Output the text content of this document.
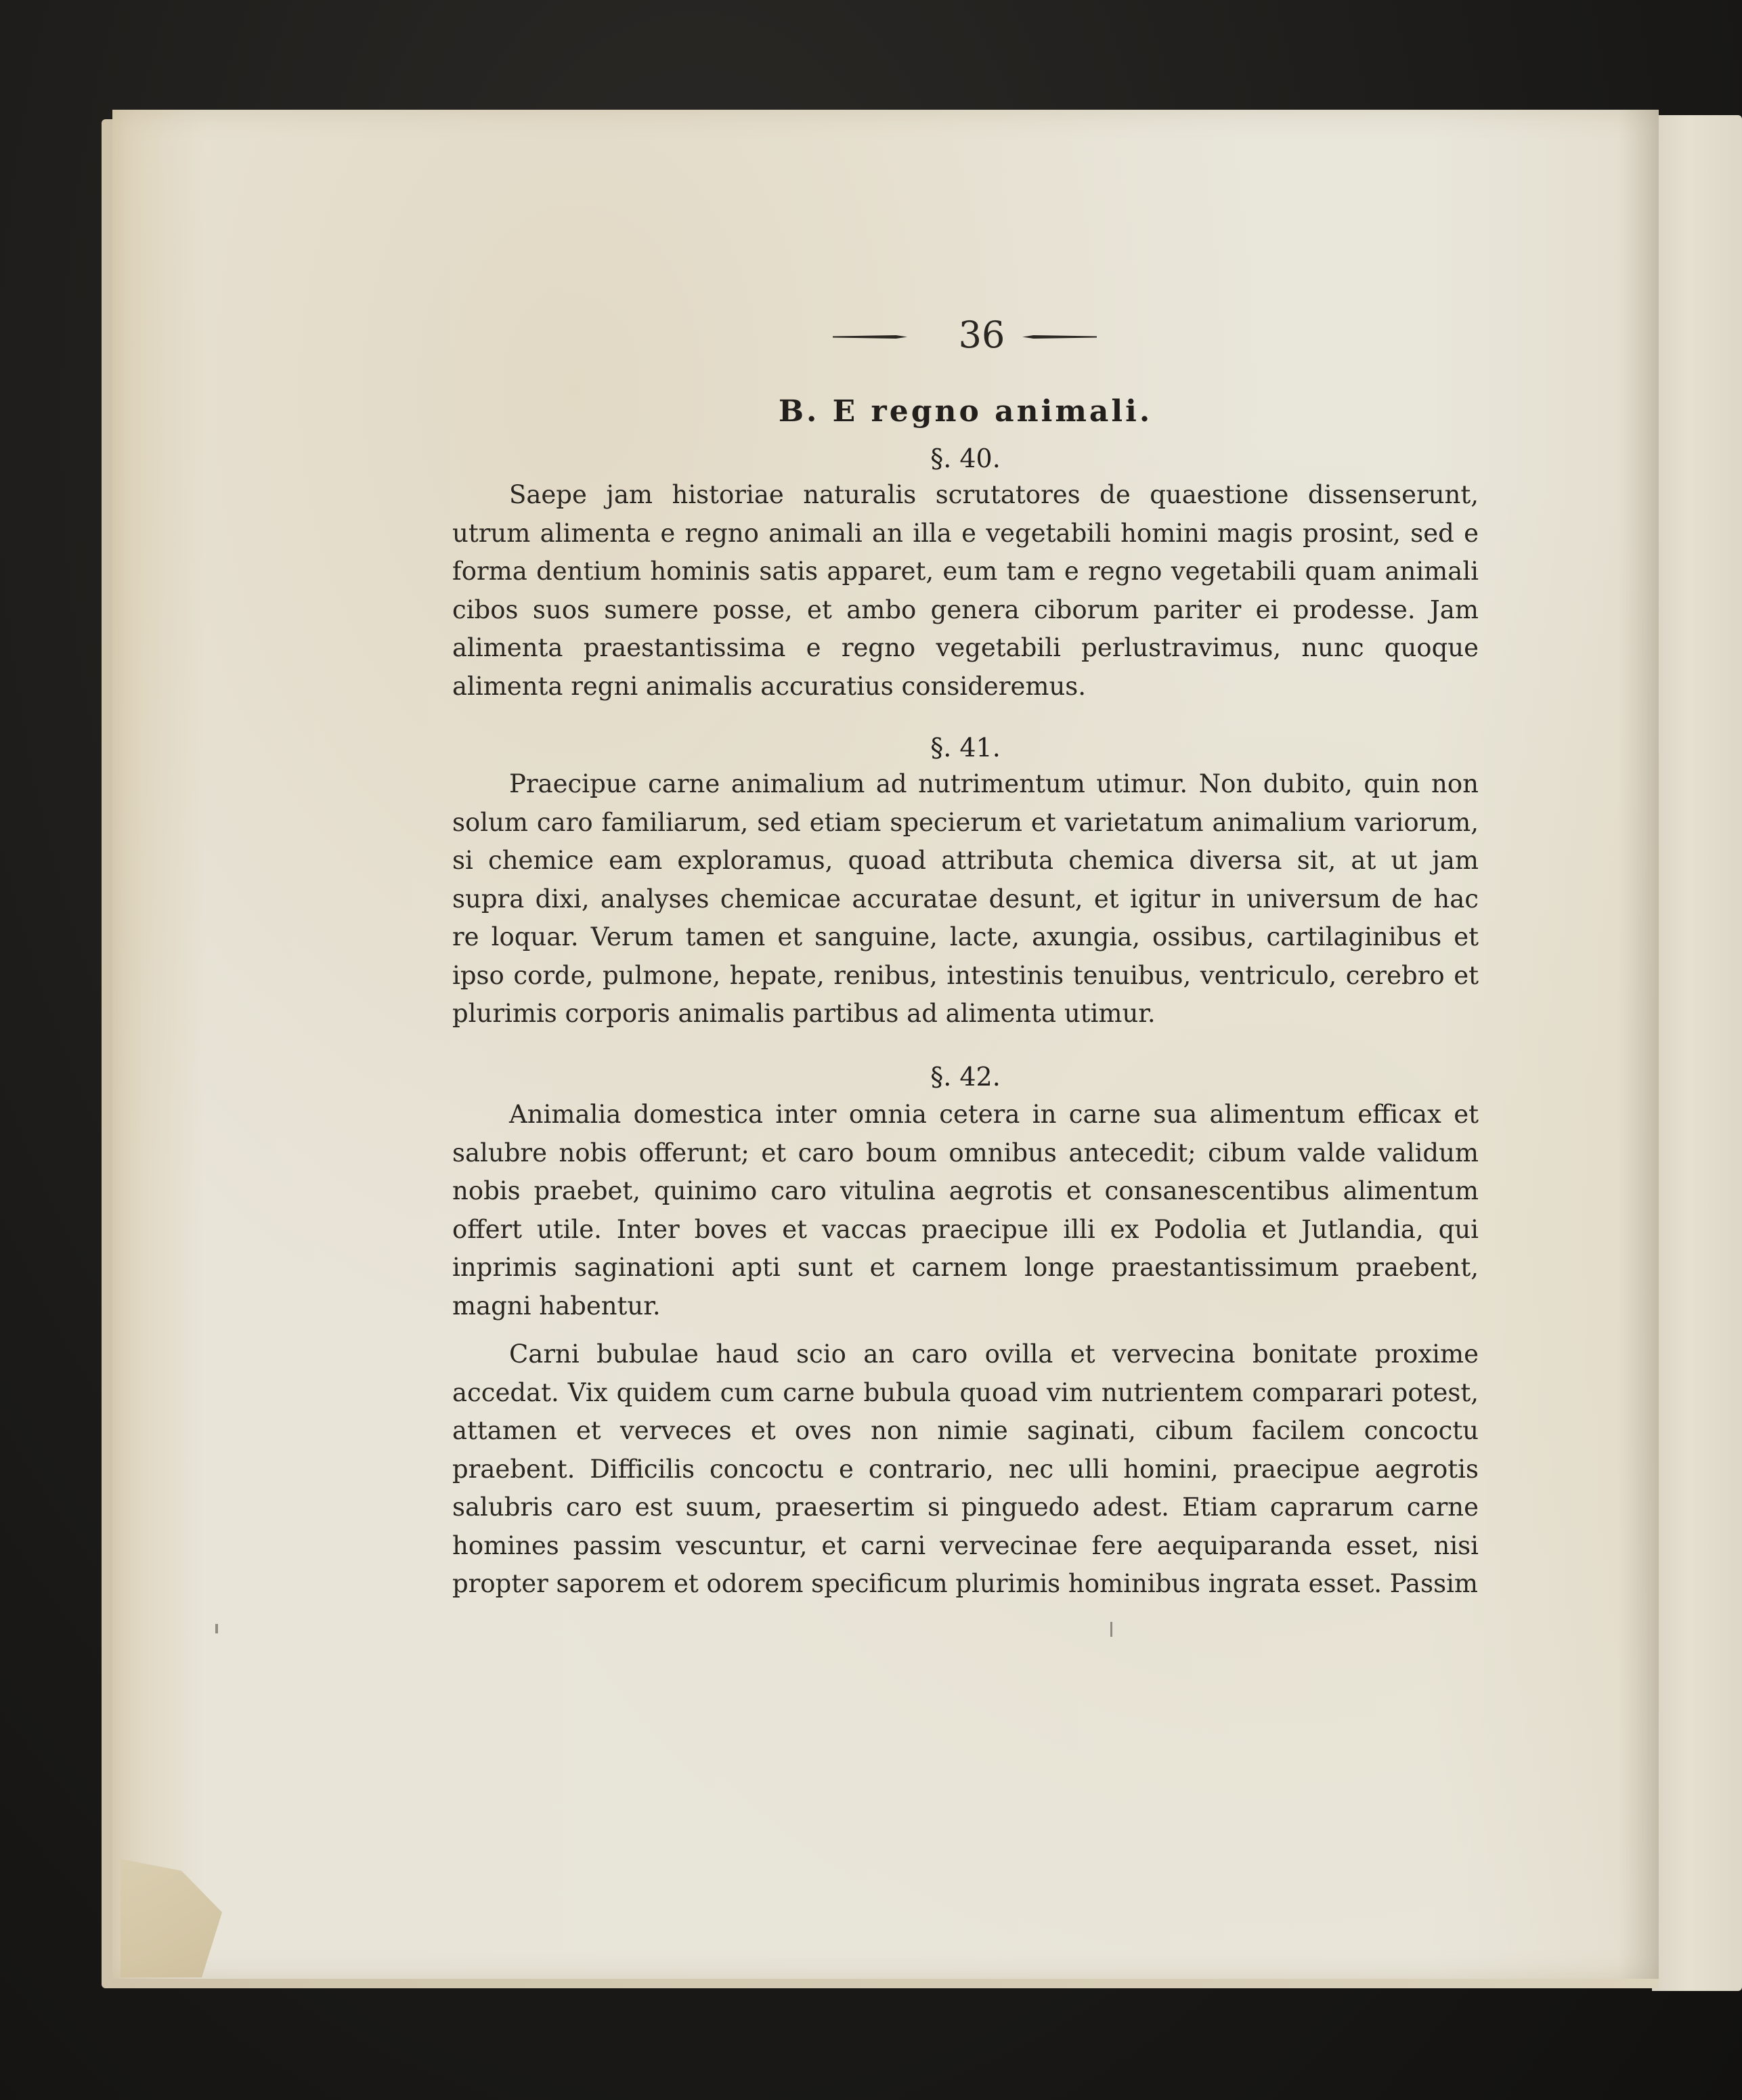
36
B. E regno animali.
§. 40.

Saepe jam historiae naturalis scrutatores de quaestione dissenserunt, utrum alimenta e regno animali an illa e vegetabili homini magis prosint, sed e forma dentium hominis satis apparet, eum tam e regno vegetabili quam animali cibos suos sumere posse, et ambo genera ciborum pariter ei prodesse. Jam alimenta praestantissima e regno vegetabili perlustravimus, nunc quoque alimenta regni animalis accuratius consideremus.

§. 41.

Praecipue carne animalium ad nutrimentum utimur. Non dubito, quin non solum caro familiarum, sed etiam specierum et varietatum animalium variorum, si chemice eam exploramus, quoad attributa chemica diversa sit, at ut jam supra dixi, analyses chemicae accuratae desunt, et igitur in universum de hac re loquar. Verum tamen et sanguine, lacte, axungia, ossibus, cartilaginibus et ipso corde, pulmone, hepate, renibus, intestinis tenuibus, ventriculo, cerebro et plurimis corporis animalis partibus ad alimenta utimur.

§. 42.

Animalia domestica inter omnia cetera in carne sua alimentum efficax et salubre nobis offerunt; et caro boum omnibus antecedit; cibum valde validum nobis praebet, quinimo caro vitulina aegrotis et consanescentibus alimentum offert utile. Inter boves et vaccas praecipue illi ex Podolia et Jutlandia, qui inprimis saginationi apti sunt et carnem longe praestantissimum praebent, magni habentur.

Carni bubulae haud scio an caro ovilla et vervecina bonitate proxime accedat. Vix quidem cum carne bubula quoad vim nutrientem comparari potest, attamen et verveces et oves non nimie saginati, cibum facilem concoctu praebent. Difficilis concoctu e contrario, nec ulli homini, praecipue aegrotis salubris caro est suum, praesertim si pinguedo adest. Etiam caprarum carne homines passim vescuntur, et carni vervecinae fere aequiparanda esset, nisi propter saporem et odorem specificum plurimis hominibus ingrata esset. Passim
